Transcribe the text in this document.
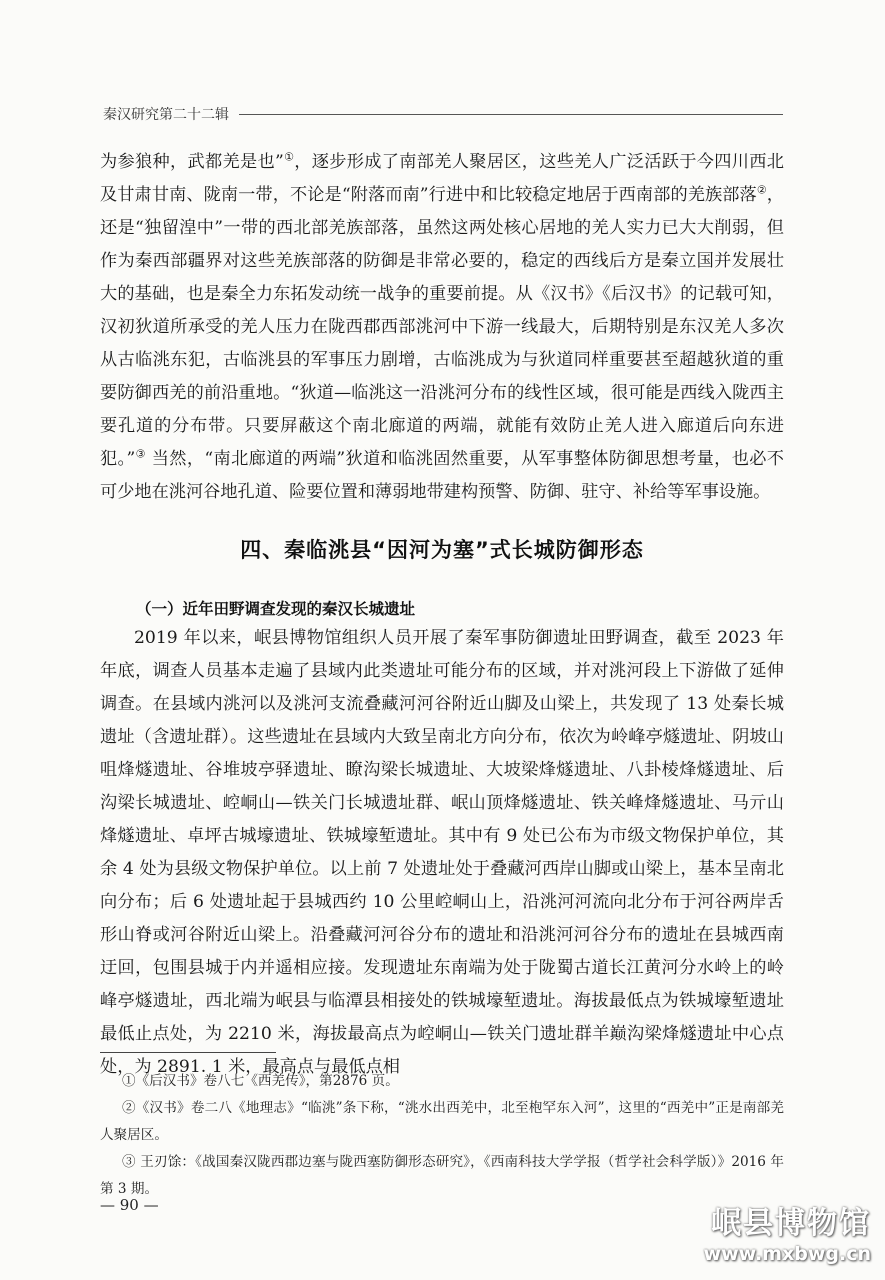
秦汉研究第二十二辑

为参狼种，武都羌是也”①，逐步形成了南部羌人聚居区，这些羌人广泛活跃于今四川西北及甘肃甘南、陇南一带，不论是“附落而南”行进中和比较稳定地居于西南部的羌族部落②，还是“独留湟中”一带的西北部羌族部落，虽然这两处核心居地的羌人实力已大大削弱，但作为秦西部疆界对这些羌族部落的防御是非常必要的，稳定的西线后方是秦立国并发展壮大的基础，也是秦全力东拓发动统一战争的重要前提。从《汉书》《后汉书》的记载可知，汉初狄道所承受的羌人压力在陇西郡西部洮河中下游一线最大，后期特别是东汉羌人多次从古临洮东犯，古临洮县的军事压力剧增，古临洮成为与狄道同样重要甚至超越狄道的重要防御西羌的前沿重地。“狄道—临洮这一沿洮河分布的线性区域，很可能是西线入陇西主要孔道的分布带。只要屏蔽这个南北廊道的两端，就能有效防止羌人进入廊道后向东进犯。”③ 当然，“南北廊道的两端”狄道和临洮固然重要，从军事整体防御思想考量，也必不可少地在洮河谷地孔道、险要位置和薄弱地带建构预警、防御、驻守、补给等军事设施。

四、秦临洮县“因河为塞”式长城防御形态
（一）近年田野调查发现的秦汉长城遗址

2019 年以来，岷县博物馆组织人员开展了秦军事防御遗址田野调查，截至 2023 年年底，调查人员基本走遍了县域内此类遗址可能分布的区域，并对洮河段上下游做了延伸调查。在县域内洮河以及洮河支流叠藏河河谷附近山脚及山梁上，共发现了 13 处秦长城遗址（含遗址群）。这些遗址在县域内大致呈南北方向分布，依次为岭峰亭燧遗址、阴坡山咀烽燧遗址、谷堆坡亭驿遗址、瞭沟梁长城遗址、大坡梁烽燧遗址、八卦棱烽燧遗址、后沟梁长城遗址、崆峒山—铁关门长城遗址群、岷山顶烽燧遗址、铁关峰烽燧遗址、马亓山烽燧遗址、卓坪古城壕遗址、铁城壕堑遗址。其中有 9 处已公布为市级文物保护单位，其余 4 处为县级文物保护单位。以上前 7 处遗址处于叠藏河西岸山脚或山梁上，基本呈南北向分布；后 6 处遗址起于县城西约 10 公里崆峒山上，沿洮河河流向北分布于河谷两岸舌形山脊或河谷附近山梁上。沿叠藏河河谷分布的遗址和沿洮河河谷分布的遗址在县城西南迂回，包围县城于内并遥相应接。发现遗址东南端为处于陇蜀古道长江黄河分水岭上的岭峰亭燧遗址，西北端为岷县与临潭县相接处的铁城壕堑遗址。海拔最低点为铁城壕堑遗址最低止点处，为 2210 米，海拔最高点为崆峒山—铁关门遗址群羊巅沟梁烽燧遗址中心点处，为 2891. 1 米，最高点与最低点相

①《后汉书》卷八七《西羌传》，第2876 页。

②《汉书》卷二八《地理志》“临洮”条下称，“洮水出西羌中，北至枹罕东入河”，这里的“西羌中”正是南部羌人聚居区。

③ 王刃馀：《战国秦汉陇西郡边塞与陇西塞防御形态研究》，《西南科技大学学报（哲学社会科学版）》2016 年第 3 期。

— 90 —
岷县博物馆
www.mxbwg.cn
